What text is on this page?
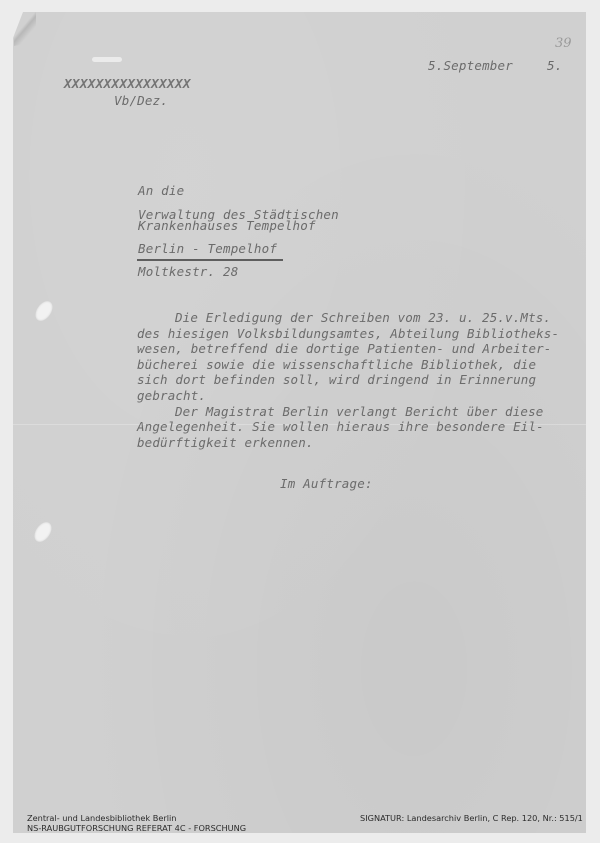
39
XXXXXXXXXXXXXXXX
Vb/Dez.
5.September	5.
An die
Verwaltung des Städtischen
Krankenhauses Tempelhof
Berlin - Tempelhof
Moltkestr. 28
Die Erledigung der Schreiben vom 23. u. 25.v.Mts.
des hiesigen Volksbildungsamtes, Abteilung Bibliotheks-
wesen, betreffend die dortige Patienten- und Arbeiter-
bücherei sowie die wissenschaftliche Bibliothek, die
sich dort befinden soll, wird dringend in Erinnerung
gebracht.
Der Magistrat Berlin verlangt Bericht über diese
Angelegenheit. Sie wollen hieraus ihre besondere Eil-
bedürftigkeit erkennen.
Im Auftrage:
Zentral- und Landesbibliothek Berlin
NS-RAUBGUTFORSCHUNG REFERAT 4C - FORSCHUNG
SIGNATUR: Landesarchiv Berlin, C Rep. 120, Nr.: 515/1
